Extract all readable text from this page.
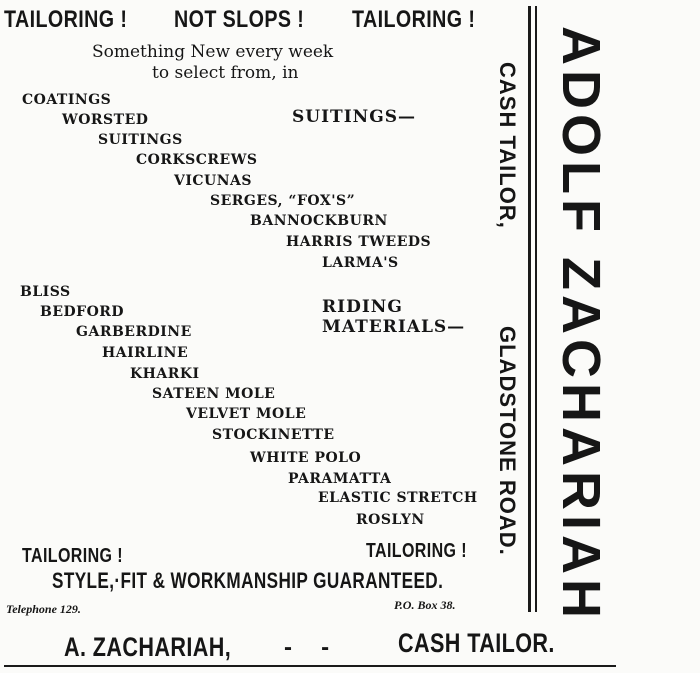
TAILORING ! NOT SLOPS ! TAILORING !
Something New every week
to select from, in
COATINGS
WORSTED
SUITINGS
CORKSCREWS
VICUNAS
SERGES, “FOX'S”
BANNOCKBURN
HARRIS TWEEDS
LARMA'S
SUITINGS—
BLISS
BEDFORD
GARBERDINE
HAIRLINE
KHARKI
SATEEN MOLE
VELVET MOLE
STOCKINETTE
WHITE POLO
PARAMATTA
ELASTIC STRETCH
ROSLYN
RIDING
MATERIALS—
TAILORING !	TAILORING !
STYLE,·FIT & WORKMANSHIP GUARANTEED.
Telephone 129.	P.O. Box 38.
A. ZACHARIAH, -    -	CASH TAILOR.
CASH TAILOR,
GLADSTONE ROAD. ADOLF ZACHARIAH
